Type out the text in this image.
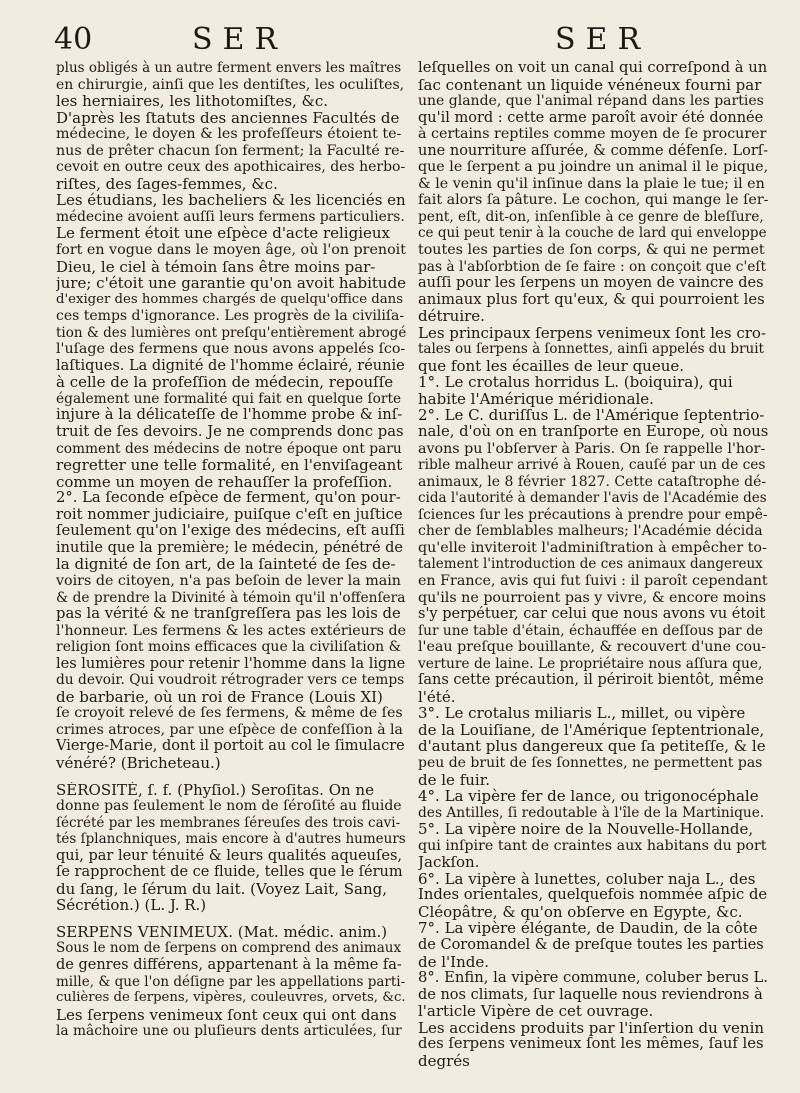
40	SER	SER
plus obligés à un autre ferment envers les maîtres
en chirurgie, ainſi que les dentiſtes, les oculiſtes,
les herniaires, les lithotomiſtes, &c.
D'après les ſtatuts des anciennes Facultés de
médecine, le doyen & les profeſſeurs étoient te-
nus de prêter chacun ſon ferment; la Faculté re-
cevoit en outre ceux des apothicaires, des herbo-
riſtes, des ſages-femmes, &c.
Les étudians, les bacheliers & les licenciés en
médecine avoient auſſi leurs fermens particuliers.
Le ferment étoit une eſpèce d'acte religieux
fort en vogue dans le moyen âge, où l'on prenoit
Dieu, le ciel à témoin ſans être moins par-
jure; c'étoit une garantie qu'on avoit habitude
d'exiger des hommes chargés de quelqu'office dans
ces temps d'ignorance. Les progrès de la civiliſa-
tion & des lumières ont preſqu'entièrement abrogé
l'uſage des fermens que nous avons appelés ſco-
laſtiques. La dignité de l'homme éclairé, réunie
à celle de la profeſſion de médecin, repouſſe
également une formalité qui fait en quelque ſorte
injure à la délicateſſe de l'homme probe & inſ-
truit de ſes devoirs. Je ne comprends donc pas
comment des médecins de notre époque ont paru
regretter une telle formalité, en l'enviſageant
comme un moyen de rehauſſer la profeſſion.
2°. La ſeconde eſpèce de ferment, qu'on pour-
roit nommer judiciaire, puiſque c'eſt en juſtice
ſeulement qu'on l'exige des médecins, eſt auſſi
inutile que la première; le médecin, pénétré de
la dignité de ſon art, de la ſainteté de ſes de-
voirs de citoyen, n'a pas beſoin de lever la main
& de prendre la Divinité à témoin qu'il n'offenſera
pas la vérité & ne tranſgreſſera pas les lois de
l'honneur. Les fermens & les actes extérieurs de
religion ſont moins efficaces que la civiliſation &
les lumières pour retenir l'homme dans la ligne
du devoir. Qui voudroit rétrograder vers ce temps
de barbarie, où un roi de France (Louis XI)
ſe croyoit relevé de ſes fermens, & même de ſes
crimes atroces, par une eſpèce de confeſſion à la
Vierge-Marie, dont il portoit au col le ſimulacre
vénéré? (Bricheteau.)
SÉROSITÉ, ſ. f. (Phyſiol.) Seroſitas. On ne
donne pas ſeulement le nom de ſéroſité au fluide
ſécrété par les membranes ſéreuſes des trois cavi-
tés ſplanchniques, mais encore à d'autres humeurs
qui, par leur ténuité & leurs qualités aqueuſes,
ſe rapprochent de ce fluide, telles que le ſérum
du ſang, le ſérum du lait. (Voyez Lait, Sang,
Sécrétion.) (L. J. R.)
SERPENS VENIMEUX. (Mat. médic. anim.)
Sous le nom de ſerpens on comprend des animaux
de genres différens, appartenant à la même fa-
mille, & que l'on déſigne par les appellations parti-
culières de ſerpens, vipères, couleuvres, orvets, &c.
Les ſerpens venimeux ſont ceux qui ont dans
la mâchoire une ou pluſieurs dents articulées, ſur
leſquelles on voit un canal qui correſpond à un
ſac contenant un liquide vénéneux fourni par
une glande, que l'animal répand dans les parties
qu'il mord : cette arme paroît avoir été donnée
à certains reptiles comme moyen de ſe procurer
une nourriture aſſurée, & comme défenſe. Lorſ-
que le ſerpent a pu joindre un animal il le pique,
& le venin qu'il inſinue dans la plaie le tue; il en
fait alors ſa pâture. Le cochon, qui mange le ſer-
pent, eſt, dit-on, inſenſible à ce genre de bleſſure,
ce qui peut tenir à la couche de lard qui enveloppe
toutes les parties de ſon corps, & qui ne permet
pas à l'abſorbtion de ſe faire : on conçoit que c'eſt
auſſi pour les ſerpens un moyen de vaincre des
animaux plus fort qu'eux, & qui pourroient les
détruire.
Les principaux ſerpens venimeux ſont les cro-
tales ou ſerpens à ſonnettes, ainſi appelés du bruit
que font les écailles de leur queue.
1°. Le crotalus horridus L. (boiquira), qui
habite l'Amérique méridionale.
2°. Le C. duriſſus L. de l'Amérique ſeptentrio-
nale, d'où on en tranſporte en Europe, où nous
avons pu l'obſerver à Paris. On ſe rappelle l'hor-
rible malheur arrivé à Rouen, cauſé par un de ces
animaux, le 8 février 1827. Cette cataſtrophe dé-
cida l'autorité à demander l'avis de l'Académie des
ſciences ſur les précautions à prendre pour empê-
cher de ſemblables malheurs; l'Académie décida
qu'elle inviteroit l'adminiſtration à empêcher to-
talement l'introduction de ces animaux dangereux
en France, avis qui fut ſuivi : il paroît cependant
qu'ils ne pourroient pas y vivre, & encore moins
s'y perpétuer, car celui que nous avons vu étoit
ſur une table d'étain, échauffée en deſſous par de
l'eau preſque bouillante, & recouvert d'une cou-
verture de laine. Le propriétaire nous aſſura que,
ſans cette précaution, il périroit bientôt, même
l'été.
3°. Le crotalus miliaris L., millet, ou vipère
de la Louiſiane, de l'Amérique ſeptentrionale,
d'autant plus dangereux que ſa petiteſſe, & le
peu de bruit de ſes ſonnettes, ne permettent pas
de le fuir.
4°. La vipère fer de lance, ou trigonocéphale
des Antilles, ſi redoutable à l'île de la Martinique.
5°. La vipère noire de la Nouvelle-Hollande,
qui inſpire tant de craintes aux habitans du port
Jackſon.
6°. La vipère à lunettes, coluber naja L., des
Indes orientales, quelquefois nommée aſpic de
Cléopâtre, & qu'on obſerve en Egypte, &c.
7°. La vipère élégante, de Daudin, de la côte
de Coromandel & de preſque toutes les parties
de l'Inde.
8°. Enfin, la vipère commune, coluber berus L.
de nos climats, ſur laquelle nous reviendrons à
l'article Vipère de cet ouvrage.
Les accidens produits par l'inſertion du venin
des ſerpens venimeux ſont les mêmes, ſauf les
degrés
